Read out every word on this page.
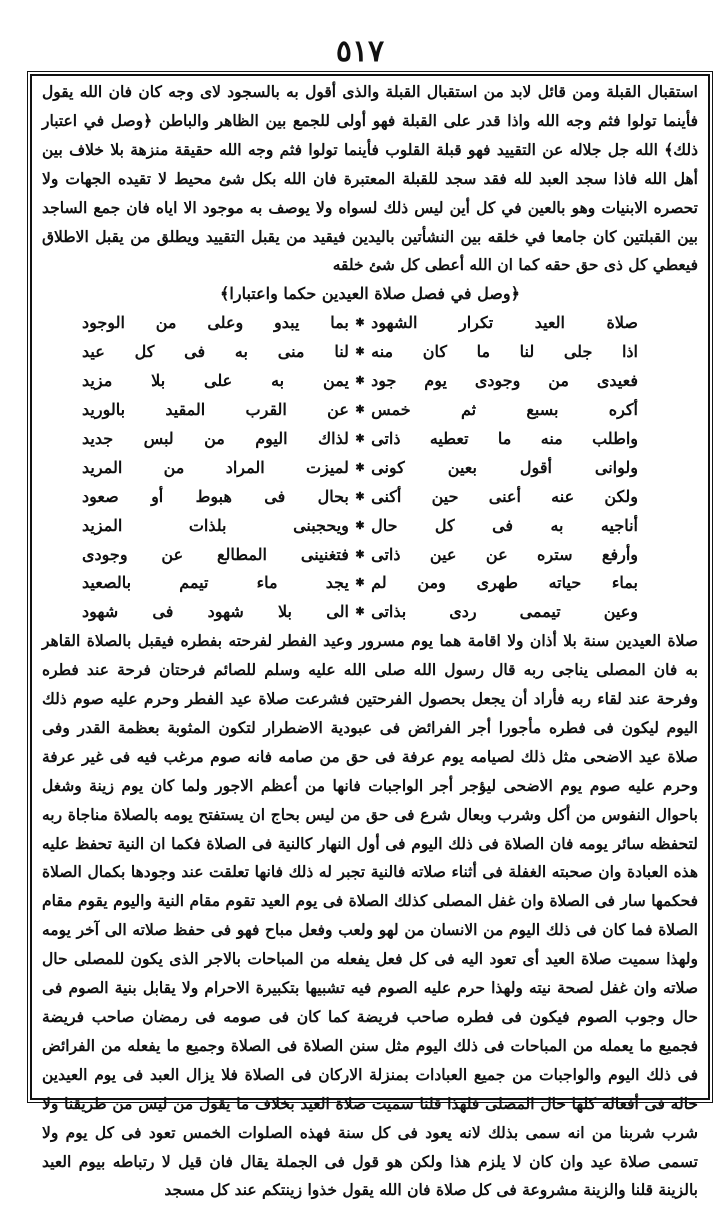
٥١٧

استقبال القبلة ومن قائل لابد من استقبال القبلة والذى أقول به بالسجود لاى وجه كان فان الله يقول فأينما تولوا فثم وجه الله واذا قدر على القبلة فهو أولى للجمع بين الظاهر والباطن ﴿وصل في اعتبار ذلك﴾ الله جل جلاله عن التقييد فهو قبلة القلوب فأينما تولوا فثم وجه الله حقيقة منزهة بلا خلاف بين أهل الله فاذا سجد العبد لله فقد سجد للقبلة المعتبرة فان الله بكل شئ محيط لا تقيده الجهات ولا تحصره الابنيات وهو بالعين في كل أين ليس ذلك لسواه ولا يوصف به موجود الا اياه فان جمع الساجد بين القبلتين كان جامعا في خلقه بين النشأتين باليدين فيقيد من يقبل التقييد ويطلق من يقبل الاطلاق فيعطي كل ذى حق حقه كما ان الله أعطى كل شئ خلقه

﴿وصل في فصل صلاة العيدين حكما واعتبارا﴾

صلاة العيد تكرار الشهود
✱
بما يبدو وعلى من الوجود
اذا جلى لنا ما كان منه
✱
لنا منى به فى كل عيد
فعيدى من وجودى يوم جود
✱
يمن به على بلا مزيد
أكره بسبع ثم خمس
✱
عن القرب المقيد بالوريد
واطلب منه ما تعطيه ذاتى
✱
لذاك اليوم من لبس جديد
ولوانى أقول بعين كونى
✱
لميزت المراد من المريد
ولكن عنه أعنى حين أكنى
✱
بحال فى هبوط أو صعود
أناجيه به فى كل حال
✱
ويحجبنى بلذات المزيد
وأرفع ستره عن عين ذاتى
✱
فتغنينى المطالع عن وجودى
بماء حياته طهرى ومن لم
✱
يجد ماء تيمم بالصعيد
وعين تيممى ردى بذاتى
✱
الى بلا شهود فى شهود

صلاة العيدين سنة بلا أذان ولا اقامة هما يوم مسرور وعيد الفطر لفرحته بفطره فيقبل بالصلاة القاهر به فان المصلى يناجى ربه قال رسول الله صلى الله عليه وسلم للصائم فرحتان فرحة عند فطره وفرحة عند لقاء ربه فأراد أن يجعل بحصول الفرحتين فشرعت صلاة عيد الفطر وحرم عليه صوم ذلك اليوم ليكون فى فطره مأجورا أجر الفرائض فى عبودية الاضطرار لتكون المثوبة بعظمة القدر وفى صلاة عيد الاضحى مثل ذلك لصيامه يوم عرفة فى حق من صامه فانه صوم مرغب فيه فى غير عرفة وحرم عليه صوم يوم الاضحى ليؤجر أجر الواجبات فانها من أعظم الاجور ولما كان يوم زينة وشغل باحوال النفوس من أكل وشرب وبعال شرع فى حق من ليس بحاج ان يستفتح يومه بالصلاة مناجاة ربه لتحفظه سائر يومه فان الصلاة فى ذلك اليوم فى أول النهار كالنية فى الصلاة فكما ان النية تحفظ عليه هذه العبادة وان صحبته الغفلة فى أثناء صلاته فالنية تجبر له ذلك فانها تعلقت عند وجودها بكمال الصلاة فحكمها سار فى الصلاة وان غفل المصلى كذلك الصلاة فى يوم العيد تقوم مقام النية واليوم يقوم مقام الصلاة فما كان فى ذلك اليوم من الانسان من لهو ولعب وفعل مباح فهو فى حفظ صلاته الى آخر يومه ولهذا سميت صلاة العيد أى تعود اليه فى كل فعل يفعله من المباحات بالاجر الذى يكون للمصلى حال صلاته وان غفل لصحة نيته ولهذا حرم عليه الصوم فيه تشبيها بتكبيرة الاحرام ولا يقابل بنية الصوم فى حال وجوب الصوم فيكون فى فطره صاحب فريضة كما كان فى صومه فى رمضان صاحب فريضة فجميع ما يعمله من المباحات فى ذلك اليوم مثل سنن الصلاة فى الصلاة وجميع ما يفعله من الفرائض فى ذلك اليوم والواجبات من جميع العبادات بمنزلة الاركان فى الصلاة فلا يزال العبد فى يوم العيدين حاله فى أفعاله كلها حال المصلى فلهذا قلنا سميت صلاة العيد بخلاف ما يقول من ليس من طريقنا ولا شرب شربنا من انه سمى بذلك لانه يعود فى كل سنة فهذه الصلوات الخمس تعود فى كل يوم ولا تسمى صلاة عيد وان كان لا يلزم هذا ولكن هو قول فى الجملة يقال فان قيل لا رتباطه بيوم العيد بالزينة قلنا والزينة مشروعة فى كل صلاة فان الله يقول خذوا زينتكم عند كل مسجد
